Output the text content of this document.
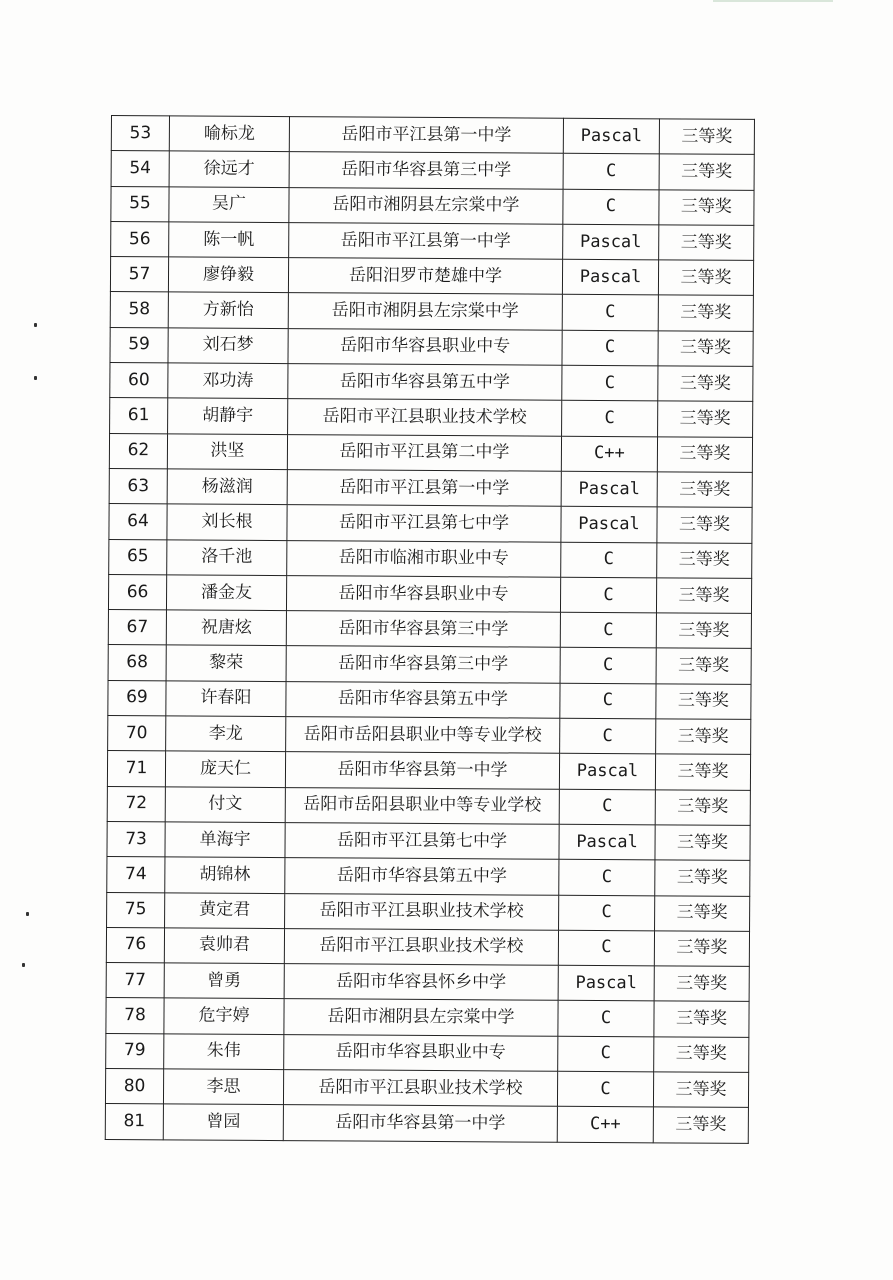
53	喻标龙	岳阳市平江县第一中学	Pascal	三等奖
54	徐远才	岳阳市华容县第三中学	C	三等奖
55	吴广	岳阳市湘阴县左宗棠中学	C	三等奖
56	陈一帆	岳阳市平江县第一中学	Pascal	三等奖
57	廖铮毅	岳阳汨罗市楚雄中学	Pascal	三等奖
58	方新怡	岳阳市湘阴县左宗棠中学	C	三等奖
59	刘石梦	岳阳市华容县职业中专	C	三等奖
60	邓功涛	岳阳市华容县第五中学	C	三等奖
61	胡静宇	岳阳市平江县职业技术学校	C	三等奖
62	洪坚	岳阳市平江县第二中学	C++	三等奖
63	杨滋润	岳阳市平江县第一中学	Pascal	三等奖
64	刘长根	岳阳市平江县第七中学	Pascal	三等奖
65	洛千池	岳阳市临湘市职业中专	C	三等奖
66	潘金友	岳阳市华容县职业中专	C	三等奖
67	祝唐炫	岳阳市华容县第三中学	C	三等奖
68	黎荣	岳阳市华容县第三中学	C	三等奖
69	许春阳	岳阳市华容县第五中学	C	三等奖
70	李龙	岳阳市岳阳县职业中等专业学校	C	三等奖
71	庞天仁	岳阳市华容县第一中学	Pascal	三等奖
72	付文	岳阳市岳阳县职业中等专业学校	C	三等奖
73	单海宇	岳阳市平江县第七中学	Pascal	三等奖
74	胡锦林	岳阳市华容县第五中学	C	三等奖
75	黄定君	岳阳市平江县职业技术学校	C	三等奖
76	袁帅君	岳阳市平江县职业技术学校	C	三等奖
77	曾勇	岳阳市华容县怀乡中学	Pascal	三等奖
78	危宇婷	岳阳市湘阴县左宗棠中学	C	三等奖
79	朱伟	岳阳市华容县职业中专	C	三等奖
80	李思	岳阳市平江县职业技术学校	C	三等奖
81	曾园	岳阳市华容县第一中学	C++	三等奖
